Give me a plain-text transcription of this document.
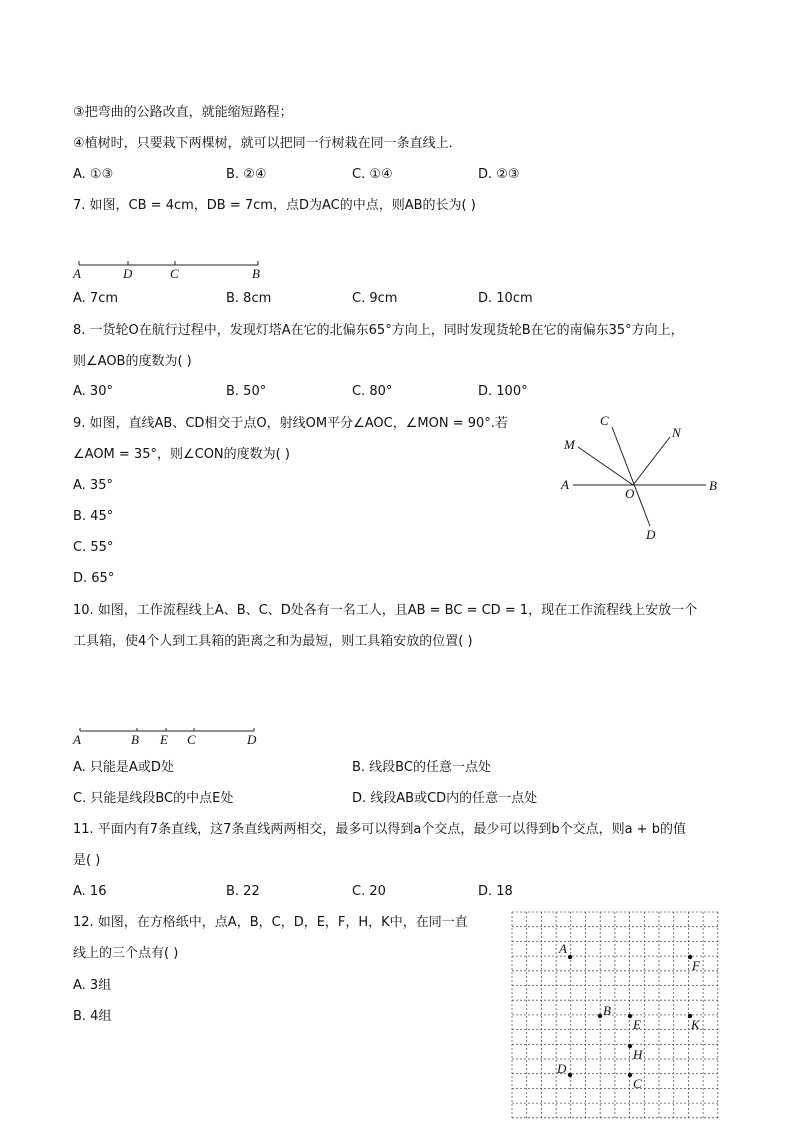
③把弯曲的公路改直，就能缩短路程；
④植树时，只要栽下两棵树，就可以把同一行树栽在同一条直线上．
A. ①③	B. ②④	C. ①④	D. ②③
7. 如图，CB = 4cm，DB = 7cm，点D为AC的中点，则AB的长为( )
A	D	C	B
A. 7cm	B. 8cm	C. 9cm	D. 10cm
8. 一货轮O在航行过程中，发现灯塔A在它的北偏东65°方向上，同时发现货轮B在它的南偏东35°方向上，
则∠AOB的度数为( )
A. 30°	B. 50°	C. 80°	D. 100°
9. 如图，直线AB、CD相交于点O，射线OM平分∠AOC，∠MON = 90°.若
∠AOM = 35°，则∠CON的度数为( )
A. 35°
B. 45°
C. 55°
D. 65°
C
N
M
A
O
B
D
10. 如图，工作流程线上A、B、C、D处各有一名工人，且AB = BC = CD = 1，现在工作流程线上安放一个
工具箱，使4个人到工具箱的距离之和为最短，则工具箱安放的位置( )
A	B E C	D
A. 只能是A或D处	B. 线段BC的任意一点处
C. 只能是线段BC的中点E处	D. 线段AB或CD内的任意一点处
11. 平面内有7条直线，这7条直线两两相交，最多可以得到a个交点，最少可以得到b个交点，则a + b的值
是( )
A. 16	B. 22	C. 20	D. 18
12. 如图，在方格纸中，点A，B，C，D，E，F，H，K中，在同一直
线上的三个点有( )
A. 3组
B. 4组
A
F
B
E	K
H
D
C
